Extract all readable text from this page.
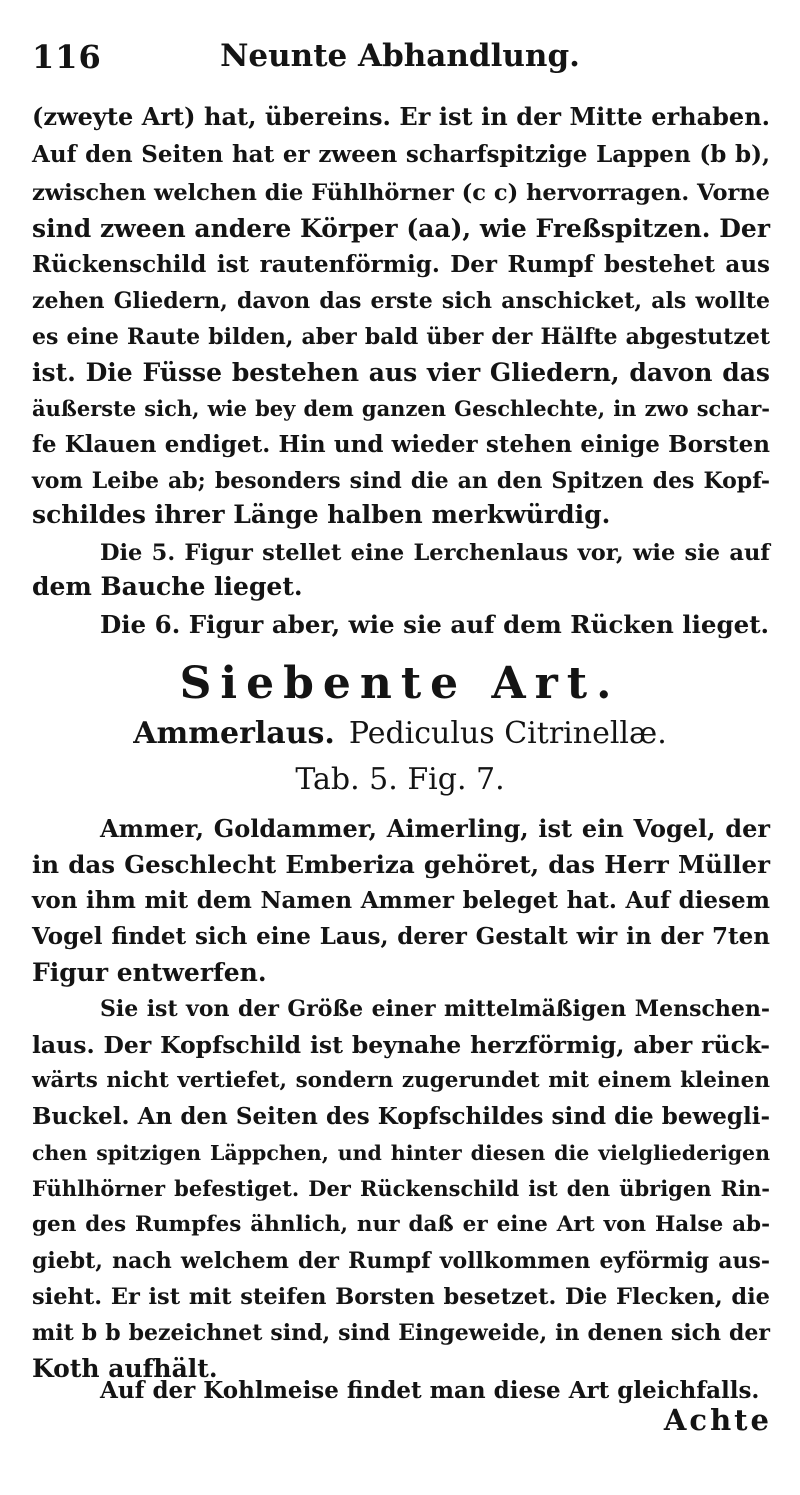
116	Neunte Abhandlung.
(zweyte Art) hat, übereins. Er ist in der Mitte erhaben.
Auf den Seiten hat er zween scharfspitzige Lappen (b b),
zwischen welchen die Fühlhörner (c c) hervorragen. Vorne
sind zween andere Körper (aa), wie Freßspitzen. Der
Rückenschild ist rautenförmig. Der Rumpf bestehet aus
zehen Gliedern, davon das erste sich anschicket, als wollte
es eine Raute bilden, aber bald über der Hälfte abgestutzet
ist. Die Füsse bestehen aus vier Gliedern, davon das
äußerste sich, wie bey dem ganzen Geschlechte, in zwo schar-
fe Klauen endiget. Hin und wieder stehen einige Borsten
vom Leibe ab; besonders sind die an den Spitzen des Kopf-
schildes ihrer Länge halben merkwürdig.
Die 5. Figur stellet eine Lerchenlaus vor, wie sie auf
dem Bauche lieget.
Die 6. Figur aber, wie sie auf dem Rücken lieget.
Siebente Art.
Ammerlaus. Pediculus Citrinellæ.
Tab. 5. Fig. 7.
Ammer, Goldammer, Aimerling, ist ein Vogel, der
in das Geschlecht Emberiza gehöret, das Herr Müller
von ihm mit dem Namen Ammer beleget hat. Auf diesem
Vogel findet sich eine Laus, derer Gestalt wir in der 7ten
Figur entwerfen.
Sie ist von der Größe einer mittelmäßigen Menschen-
laus. Der Kopfschild ist beynahe herzförmig, aber rück-
wärts nicht vertiefet, sondern zugerundet mit einem kleinen
Buckel. An den Seiten des Kopfschildes sind die bewegli-
chen spitzigen Läppchen, und hinter diesen die vielgliederigen
Fühlhörner befestiget. Der Rückenschild ist den übrigen Rin-
gen des Rumpfes ähnlich, nur daß er eine Art von Halse ab-
giebt, nach welchem der Rumpf vollkommen eyförmig aus-
sieht. Er ist mit steifen Borsten besetzet. Die Flecken, die
mit b b bezeichnet sind, sind Eingeweide, in denen sich der
Koth aufhält.
Auf der Kohlmeise findet man diese Art gleichfalls.
Achte
